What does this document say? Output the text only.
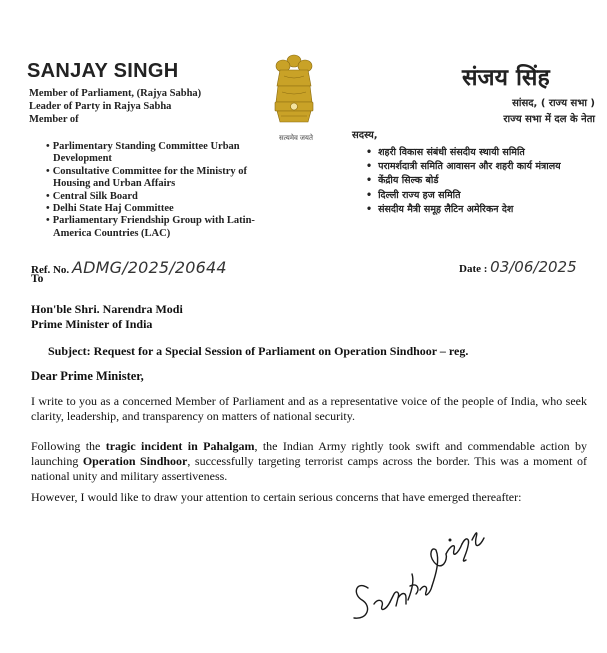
SANJAY SINGH
Member of Parliament, (Rajya Sabha)
Leader of Party in Rajya Sabha
Member of
• Parlimentary Standing Committee Urban Development
• Consultative Committee for the Ministry of Housing and Urban Affairs
• Central Silk Board
• Delhi State Haj Committee
• Parliamentary Friendship Group with Latin-America Countries (LAC)
सत्यमेव जयते
संजय सिंह
सांसद, ( राज्य सभा )
राज्य सभा में दल के नेता
सदस्य,
• शहरी विकास संबंधी संसदीय स्थायी समिति
• परामर्शदात्री समिति आवासन और शहरी कार्य मंत्रालय
• केंद्रीय सिल्क बोर्ड
• दिल्ली राज्य हज समिति
• संसदीय मैत्री समूह लैटिन अमेरिकन देश
Ref. No. ADMG/2025/20644
To
Date : 03/06/2025
Hon'ble Shri. Narendra Modi
Prime Minister of India
Subject: Request for a Special Session of Parliament on Operation Sindhoor – reg.
Dear Prime Minister,
I write to you as a concerned Member of Parliament and as a representative voice of the people of India, who seek clarity, leadership, and transparency on matters of national security.
Following the tragic incident in Pahalgam, the Indian Army rightly took swift and commendable action by launching Operation Sindhoor, successfully targeting terrorist camps across the border. This was a moment of national unity and military assertiveness.
However, I would like to draw your attention to certain serious concerns that have emerged thereafter:
